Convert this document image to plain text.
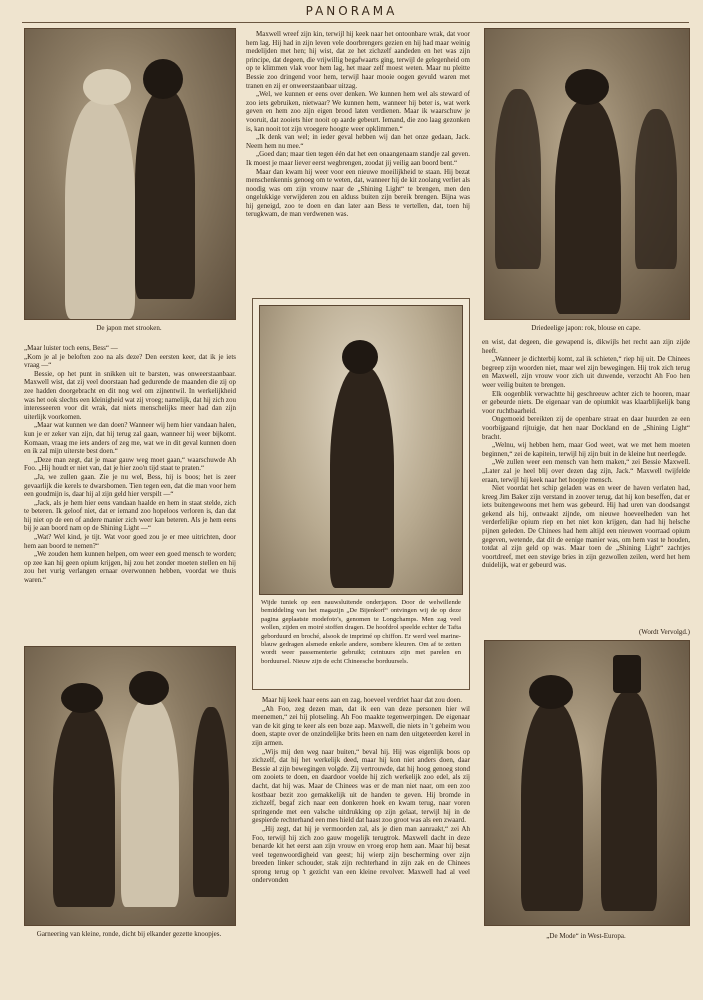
PANORAMA
De japon met strooken.

Maxwell wreef zijn kin, terwijl hij keek naar het ontoonbare wrak, dat voor hem lag. Hij had in zijn leven vele doorbrengers gezien en hij had maar weinig medelijden met hen; hij wist, dat ze het zichzelf aandeden en het was zijn principe, dat degeen, die vrijwillig begafwaarts ging, terwijl de gelegenheid om op te klimmen vlak voor hem lag, het maar zelf moest weten. Maar nu pleitte Bessie zoo dringend voor hem, terwijl haar mooie oogen gevuld waren met tranen en zij er onweerstaanbaar uitzag.

„Wel, we kunnen er eens over denken. We kunnen hem wel als steward of zoo iets gebruiken, nietwaar? We kunnen hem, wanneer hij beter is, wat werk geven en hem zoo zijn eigen brood laten verdienen. Maar ik waarschuw je vooruit, dat zooiets hier nooit op aarde gebeurt. Iemand, die zoo laag gezonken is, kan nooit tot zijn vroegere hoogte weer opklimmen.“

„Ik denk van wel; in ieder geval hebben wij dan het onze gedaan, Jack. Neem hem nu mee.“

„Goed dan; maar tien tegen één dat het een onaangenaam standje zal geven. Ik moest je maar liever eerst wegbrengen, zoodat jij veilig aan boord bent.“

Maar dan kwam hij weer voor een nieuwe moeilijkheid te staan. Hij bezat menschenkennis genoeg om te weten, dat, wanneer hij de kit zoolang verliet als noodig was om zijn vrouw naar de „Shining Light“ te brengen, men den ongelukkige verwijderen zou en alduss buiten zijn bereik brengen. Bijna was hij geneigd, zoo te doen en dan later aan Bess te vertellen, dat, toen hij terugkwam, de man verdwenen was.

Driedeelige japon: rok, blouse en cape.

„Maar luister toch eens, Bess“ —

„Kom je al je beloften zoo na als deze? Den eersten keer, dat ik je iets vraag —“

Bessie, op het punt in snikken uit te barsten, was onweerstaanbaar. Maxwell wist, dat zij veel doorstaan had gedurende de maanden die zij op zee hadden doorgebracht en dit nog wel om zijnentwil. In werkelijkheid was het ook slechts een kleinigheid wat zij vroeg; namelijk, dat hij zich zou interesseeren voor dit wrak, dat niets menschelijks meer had dan zijn uiterlijk voorkomen.

„Maar wat kunnen we dan doen? Wanneer wij hem hier vandaan halen, kun je er zeker van zijn, dat hij terug zal gaan, wanneer hij weer bijkomt. Komaan, vraag me iets anders of zeg me, wat we in dit geval kunnen doen en ik zal mijn uiterste best doen.“

„Deze man zegt, dat je maar gauw weg moet gaan,“ waarschuwde Ah Foo. „Hij houdt er niet van, dat je hier zoo'n tijd staat te praten.“

„Ja, we zullen gaan. Zie je nu wel, Bess, hij is boos; het is zeer gevaarlijk die kerels te dwarsbomen. Tien tegen een, dat die man voor hem een goudmijn is, daar hij al zijn geld hier verspilt —“

„Jack, als je hem hier eens vandaan haalde en hem in staat stelde, zich te beteren. Ik geloof niet, dat er iemand zoo hopeloos verloren is, dan dat hij niet op de een of andere manier zich weer kan beteren. Als je hem eens bij je aan boord nam op de Shining Light —“

„Wat? Wel kind, je tijt. Wat voor goed zou je er mee uitrichten, door hem aan boord te nemen?“

„We zouden hem kunnen helpen, om weer een goed mensch te worden; op zee kan hij geen opium krijgen, hij zou het zonder moeten stellen en hij zou het vurig verlangen ernaar overwonnen hebben, voordat we thuis waren.“

Wijde tuniek op een nauwsluitende onderjapon. Door de welwillende bemiddeling van het magazijn „De Bijenkorf“ ontvingen wij de op deze pagina geplaatste modefoto's, genomen te Longchamps. Men zag veel wollen, zijden en moiré stoffen dragen. De hoofdrol speelde echter de Tafta geborduurd en broché, alsook de imprimé op chiffon. Er werd veel marine-blauw gedragen alsmede enkele andere, sombere kleuren. Om af te zetten wordt weer passementerie gebruikt; ceintuurs zijn met parelen en borduursel. Nieuw zijn de echt Chineesche borduursels.

en wist, dat degeen, die gewapend is, dikwijls het recht aan zijn zijde heeft.

„Wanneer je dichterbij komt, zal ik schieten,“ riep hij uit. De Chinees begreep zijn woorden niet, maar wel zijn bewegingen. Hij trok zich terug en Maxwell, zijn vrouw voor zich uit duwende, verzocht Ah Foo hen weer veilig buiten te brengen.

Elk oogenblik verwachtte hij geschreeuw achter zich te hooren, maar er gebeurde niets. De eigenaar van de opiumkit was klaarblijkelijk bang voor ruchtbaarheid.

Ongemoeid bereikten zij de openbare straat en daar huurden ze een voorbijgaand rijtuigje, dat hen naar Dockland en de „Shining Light“ bracht.

„Welnu, wij hebben hem, maar God weet, wat we met hem moeten beginnen,“ zei de kapitein, terwijl hij zijn buit in de kleine hut neerlegde.

„We zullen weer een mensch van hem maken,“ zei Bessie Maxwell. „Later zal je heel blij over dezen dag zijn, Jack.“ Maxwell twijfelde eraan, terwijl hij keek naar het hoopje mensch.

Niet voordat het schip geladen was en weer de haven verlaten had, kreeg Jim Baker zijn verstand in zoover terug, dat hij kon beseffen, dat er iets buitengewoons met hem was gebeurd. Hij had uren van doodsangst gekend als hij, ontwaakt zijnde, om nieuwe hoeveelheden van het verderfelijke opium riep en het niet kon krijgen, dan had hij helsche pijnen geleden. De Chinees had hem altijd een nieuwen voorraad opium gegeven, wetende, dat dit de eenige manier was, om hem vast te houden, totdat al zijn geld op was. Maar toen de „Shining Light“ zachtjes voortdreef, met een stevige bries in zijn gezwollen zeilen, werd het hem duidelijk, wat er gebeurd was.

(Wordt Vervolgd.)
Garneering van kleine, ronde, dicht bij elkander gezette knoopjes.

Maar hij keek haar eens aan en zag, hoeveel verdriet haar dat zou doen.

„Ah Foo, zeg dezen man, dat ik een van deze personen hier wil meenemen,“ zei hij plotseling. Ah Foo maakte tegenwerpingen. De eigenaar van de kit ging te keer als een boze aap. Maxwell, die niets in 't geheim wou doen, stapte over de onzindelijke brits heen en nam den uitgeteerden kerel in zijn armen.

„Wijs mij den weg naar buiten,“ beval hij. Hij was eigenlijk boos op zichzelf, dat hij het werkelijk deed, maar hij kon niet anders doen, daar Bessie al zijn bewegingen volgde. Zij vertrouwde, dat hij hoog genoeg stond om zooiets te doen, en daardoor voelde hij zich werkelijk zoo edel, als zij dacht, dat hij was. Maar de Chinees was er de man niet naar, om een zoo kostbaar bezit zoo gemakkelijk uit de handen te geven. Hij bromde in zichzelf, begaf zich naar een donkeren hoek en kwam terug, naar voren springende met een valsche uitdrukking op zijn gelaat, terwijl hij in de gespierde rechterhand een mes hield dat haast zoo groot was als een zwaard.

„Hij zegt, dat hij je vermoorden zal, als je dien man aanraakt,“ zei Ah Foo, terwijl hij zich zoo gauw mogelijk terugtrok. Maxwell dacht in deze benarde kit het eerst aan zijn vrouw en vroeg erop hem aan. Maar hij besat veel tegenwoordigheid van geest; hij wierp zijn bescherming over zijn breeden linker schouder, stak zijn rechterhand in zijn zak en de Chinees sprong terug op 't gezicht van een kleine revolver. Maxwell had al veel ondervonden

„De Mode“ in West-Europa.
